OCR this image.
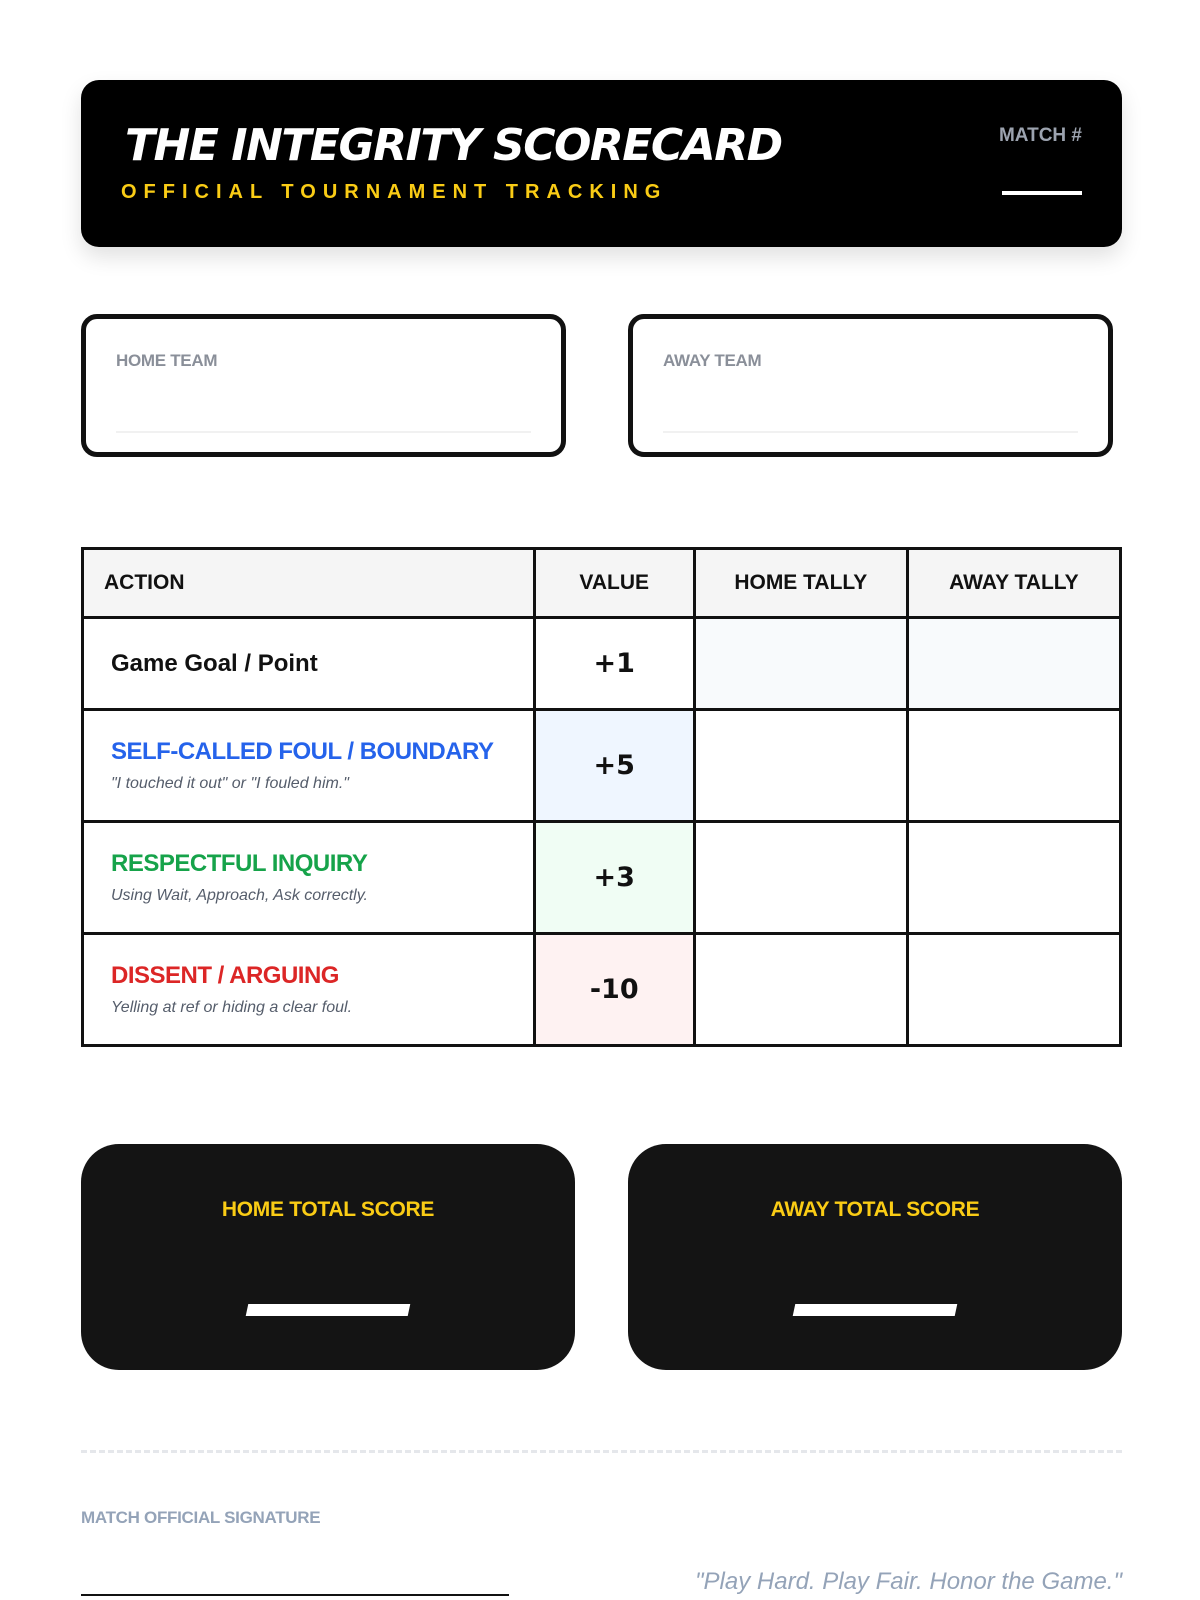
THE INTEGRITY SCORECARD
OFFICIAL TOURNAMENT TRACKING
MATCH #
HOME TEAM	AWAY TEAM
ACTION	VALUE	HOME TALLY	AWAY TALLY

Game Goal / Point	+1		

SELF-CALLED FOUL / BOUNDARY
"I touched it out" or "I fouled him."	+5		

RESPECTFUL INQUIRY
Using Wait, Approach, Ask correctly.	+3		

DISSENT / ARGUING
Yelling at ref or hiding a clear foul.	-10		
HOME TOTAL SCORE	AWAY TOTAL SCORE
MATCH OFFICIAL SIGNATURE
"Play Hard. Play Fair. Honor the Game."
